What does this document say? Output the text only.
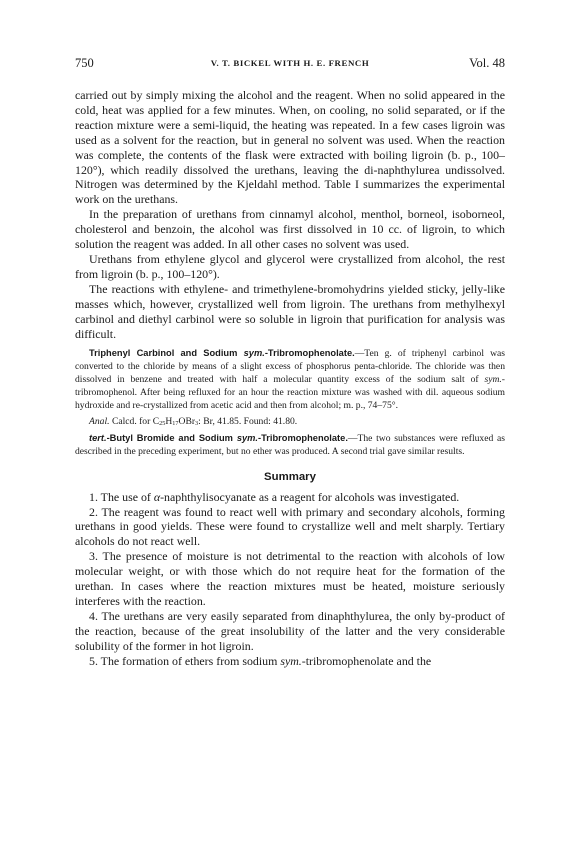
750	V. T. BICKEL WITH H. E. FRENCH	Vol. 48

carried out by simply mixing the alcohol and the reagent. When no solid appeared in the cold, heat was applied for a few minutes. When, on cooling, no solid separated, or if the reaction mixture were a semi-liquid, the heating was repeated. In a few cases ligroin was used as a solvent for the reaction, but in general no solvent was used. When the reaction was complete, the contents of the flask were extracted with boiling ligroin (b. p., 100–120°), which readily dissolved the urethans, leaving the di-naphthylurea undissolved. Nitrogen was determined by the Kjeldahl method. Table I summarizes the experimental work on the urethans.

In the preparation of urethans from cinnamyl alcohol, menthol, borneol, isoborneol, cholesterol and benzoin, the alcohol was first dissolved in 10 cc. of ligroin, to which solution the reagent was added. In all other cases no solvent was used.

Urethans from ethylene glycol and glycerol were crystallized from alcohol, the rest from ligroin (b. p., 100–120°).

The reactions with ethylene- and trimethylene-bromohydrins yielded sticky, jelly-like masses which, however, crystallized well from ligroin. The urethans from methylhexyl carbinol and diethyl carbinol were so soluble in ligroin that purification for analysis was difficult.

Triphenyl Carbinol and Sodium sym.-Tribromophenolate.—Ten g. of triphenyl carbinol was converted to the chloride by means of a slight excess of phosphorus penta-chloride. The chloride was then dissolved in benzene and treated with half a molecular quantity excess of the sodium salt of sym.-tribromophenol. After being refluxed for an hour the reaction mixture was washed with dil. aqueous sodium hydroxide and re-crystallized from acetic acid and then from alcohol; m. p., 74–75°.

Anal. Calcd. for $C_{25}H_{17}OBr_3$: Br, 41.85. Found: 41.80.

tert.-Butyl Bromide and Sodium sym.-Tribromophenolate.—The two substances were refluxed as described in the preceding experiment, but no ether was produced. A second trial gave similar results.

Summary

1. The use of α-naphthylisocyanate as a reagent for alcohols was investigated.

2. The reagent was found to react well with primary and secondary alcohols, forming urethans in good yields. These were found to crystallize well and melt sharply. Tertiary alcohols do not react well.

3. The presence of moisture is not detrimental to the reaction with alcohols of low molecular weight, or with those which do not require heat for the formation of the urethan. In cases where the reaction mixtures must be heated, moisture seriously interferes with the reaction.

4. The urethans are very easily separated from dinaphthylurea, the only by-product of the reaction, because of the great insolubility of the latter and the very considerable solubility of the former in hot ligroin.

5. The formation of ethers from sodium sym.-tribromophenolate and the
